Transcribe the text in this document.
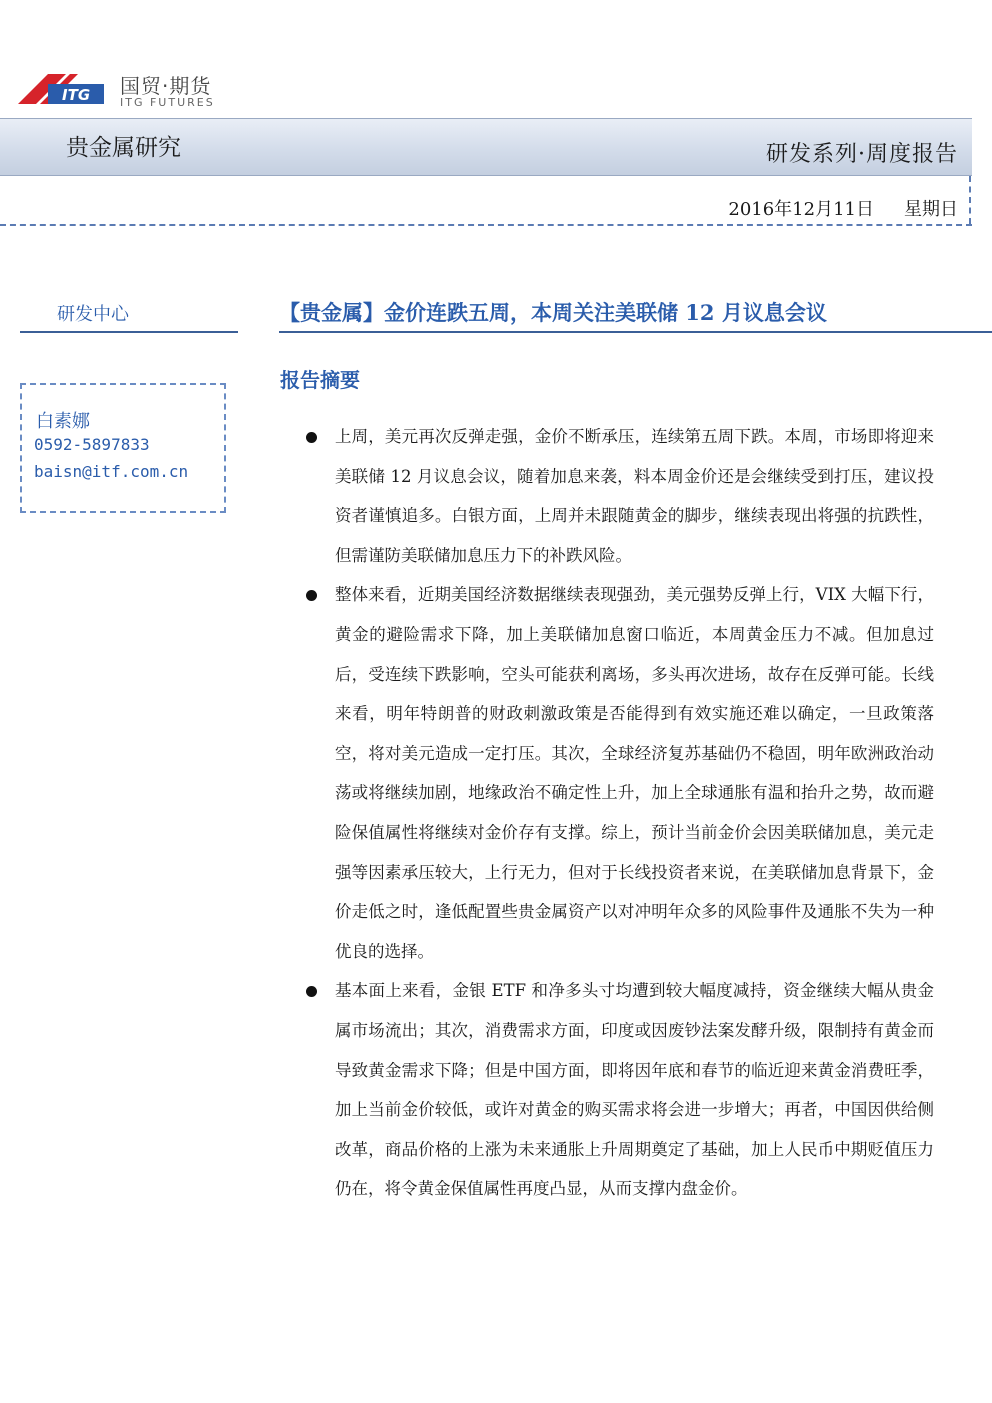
ITG 国贸·期货
ITG FUTURES
贵金属研究	研发系列·周度报告
2016年12月11日 星期日
研发中心
白素娜
0592-5897833
baisn@itf.com.cn
【贵金属】金价连跌五周，本周关注美联储 12 月议息会议
报告摘要
上周，美元再次反弹走强，金价不断承压，连续第五周下跌。本周，市场即将迎来美联储 12 月议息会议，随着加息来袭，料本周金价还是会继续受到打压，建议投资者谨慎追多。白银方面，上周并未跟随黄金的脚步，继续表现出将强的抗跌性，但需谨防美联储加息压力下的补跌风险。
整体来看，近期美国经济数据继续表现强劲，美元强势反弹上行，VIX 大幅下行，黄金的避险需求下降，加上美联储加息窗口临近，本周黄金压力不减。但加息过后，受连续下跌影响，空头可能获利离场，多头再次进场，故存在反弹可能。长线来看，明年特朗普的财政刺激政策是否能得到有效实施还难以确定，一旦政策落空，将对美元造成一定打压。其次，全球经济复苏基础仍不稳固，明年欧洲政治动荡或将继续加剧，地缘政治不确定性上升，加上全球通胀有温和抬升之势，故而避险保值属性将继续对金价存有支撑。综上，预计当前金价会因美联储加息，美元走强等因素承压较大，上行无力，但对于长线投资者来说，在美联储加息背景下，金价走低之时，逢低配置些贵金属资产以对冲明年众多的风险事件及通胀不失为一种优良的选择。
基本面上来看，金银 ETF 和净多头寸均遭到较大幅度减持，资金继续大幅从贵金属市场流出；其次，消费需求方面，印度或因废钞法案发酵升级，限制持有黄金而导致黄金需求下降；但是中国方面，即将因年底和春节的临近迎来黄金消费旺季，加上当前金价较低，或许对黄金的购买需求将会进一步增大；再者，中国因供给侧改革，商品价格的上涨为未来通胀上升周期奠定了基础，加上人民币中期贬值压力仍在，将令黄金保值属性再度凸显，从而支撑内盘金价。
